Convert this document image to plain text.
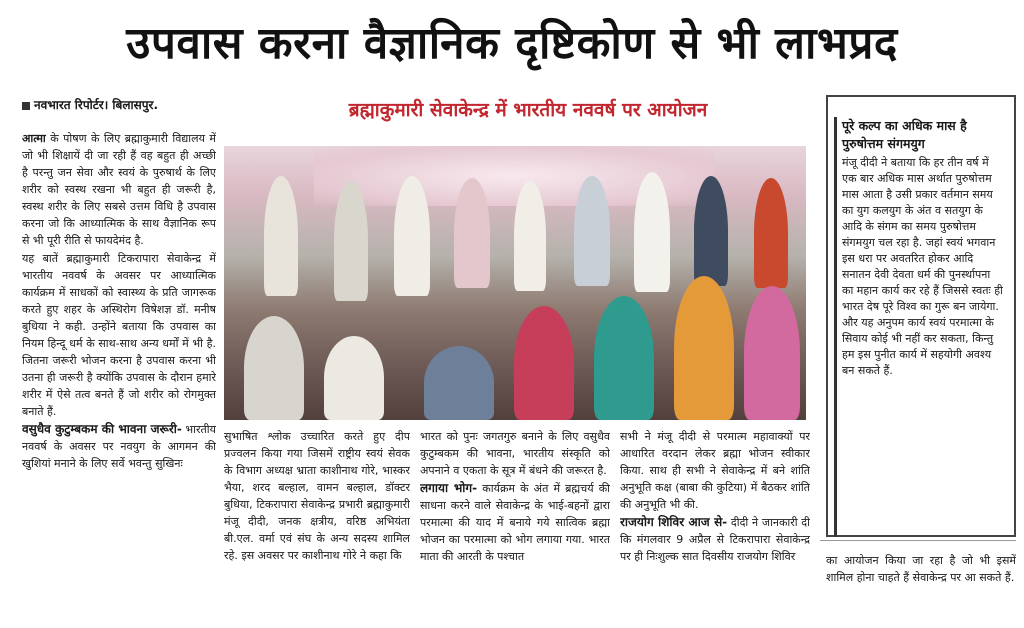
उपवास करना वैज्ञानिक दृष्टिकोण से भी लाभप्रद
नवभारत रिपोर्टर। बिलासपुर.	ब्रह्माकुमारी सेवाकेन्द्र में भारतीय नववर्ष पर आयोजन

आत्मा के पोषण के लिए ब्रह्माकुमारी विद्यालय में जो भी शिक्षायें दी जा रही हैं वह बहुत ही अच्छी है परन्तु जन सेवा और स्वयं के पुरुषार्थ के लिए शरीर को स्वस्थ रखना भी बहुत ही जरूरी है, स्वस्थ शरीर के लिए सबसे उत्तम विधि है उपवास करना जो कि आध्यात्मिक के साथ वैज्ञानिक रूप से भी पूरी रीति से फायदेमंद है.

यह बातें ब्रह्माकुमारी टिकरापारा सेवाकेन्द्र में भारतीय नववर्ष के अवसर पर आध्यात्मिक कार्यक्रम में साधकों को स्वास्थ्य के प्रति जागरूक करते हुए शहर के अस्थिरोग विषेशज्ञ डॉ. मनीष बुधिया ने कही. उन्होंने बताया कि उपवास का नियम हिन्दू धर्म के साथ-साथ अन्य धर्मों में भी है. जितना जरूरी भोजन करना है उपवास करना भी उतना ही जरूरी है क्योंकि उपवास के दौरान हमारे शरीर में ऐसे तत्व बनते हैं जो शरीर को रोगमुक्त बनाते हैं.

वसुधैव कुटुम्बकम की भावना जरूरी- भारतीय नववर्ष के अवसर पर नवयुग के आगमन की खुशियां मनाने के लिए सर्वे भवन्तु सुखिनः

सुभाषित श्लोक उच्चारित करते हुए दीप प्रज्वलन किया गया जिसमें राष्ट्रीय स्वयं सेवक के विभाग अध्यक्ष भ्राता काशीनाथ गोरे, भास्कर भैया, शरद बल्हाल, वामन बल्हाल, डॉक्टर बुधिया, टिकरापारा सेवाकेन्द्र प्रभारी ब्रह्माकुमारी मंजू दीदी, जनक क्षत्रीय, वरिष्ठ अभियंता बी.एल. वर्मा एवं संघ के अन्य सदस्य शामिल रहे. इस अवसर पर काशीनाथ गोरे ने कहा कि

भारत को पुनः जगतगुरु बनाने के लिए वसुधैव कुटुम्बकम की भावना, भारतीय संस्कृति को अपनाने व एकता के सूत्र में बंधने की जरूरत है.

लगाया भोग- कार्यक्रम के अंत में ब्रह्मचर्य की साधना करने वाले सेवाकेन्द्र के भाई-बहनों द्वारा परमात्मा की याद में बनाये गये सात्विक ब्रह्मा भोजन का परमात्मा को भोग लगाया गया. भारत माता की आरती के पश्चात

सभी ने मंजू दीदी से परमात्म महावाक्यों पर आधारित वरदान लेकर ब्रह्मा भोजन स्वीकार किया. साथ ही सभी ने सेवाकेन्द्र में बने शांति अनुभूति कक्ष (बाबा की कुटिया) में बैठकर शांति की अनुभूति भी की.

राजयोग शिविर आज से- दीदी ने जानकारी दी कि मंगलवार 9 अप्रैल से टिकरापारा सेवाकेन्द्र पर ही निःशुल्क सात दिवसीय राजयोग शिविर

पूरे कल्प का अधिक मास है पुरुषोत्तम संगमयुग

मंजू दीदी ने बताया कि हर तीन वर्ष में एक बार अधिक मास अर्थात पुरुषोत्तम मास आता है उसी प्रकार वर्तमान समय का युग कलयुग के अंत व सतयुग के आदि के संगम का समय पुरुषोत्तम संगमयुग चल रहा है. जहां स्वयं भगवान इस धरा पर अवतरित होकर आदि सनातन देवी देवता धर्म की पुनर्स्थापना का महान कार्य कर रहे हैं जिससे स्वतः ही भारत देष पूरे विश्व का गुरू बन जायेगा. और यह अनुपम कार्य स्वयं परमात्मा के सिवाय कोई भी नहीं कर सकता, किन्तु हम इस पुनीत कार्य में सहयोगी अवश्य बन सकते हैं.

का आयोजन किया जा रहा है जो भी इसमें शामिल होना चाहते हैं सेवाकेन्द्र पर आ सकते हैं.
